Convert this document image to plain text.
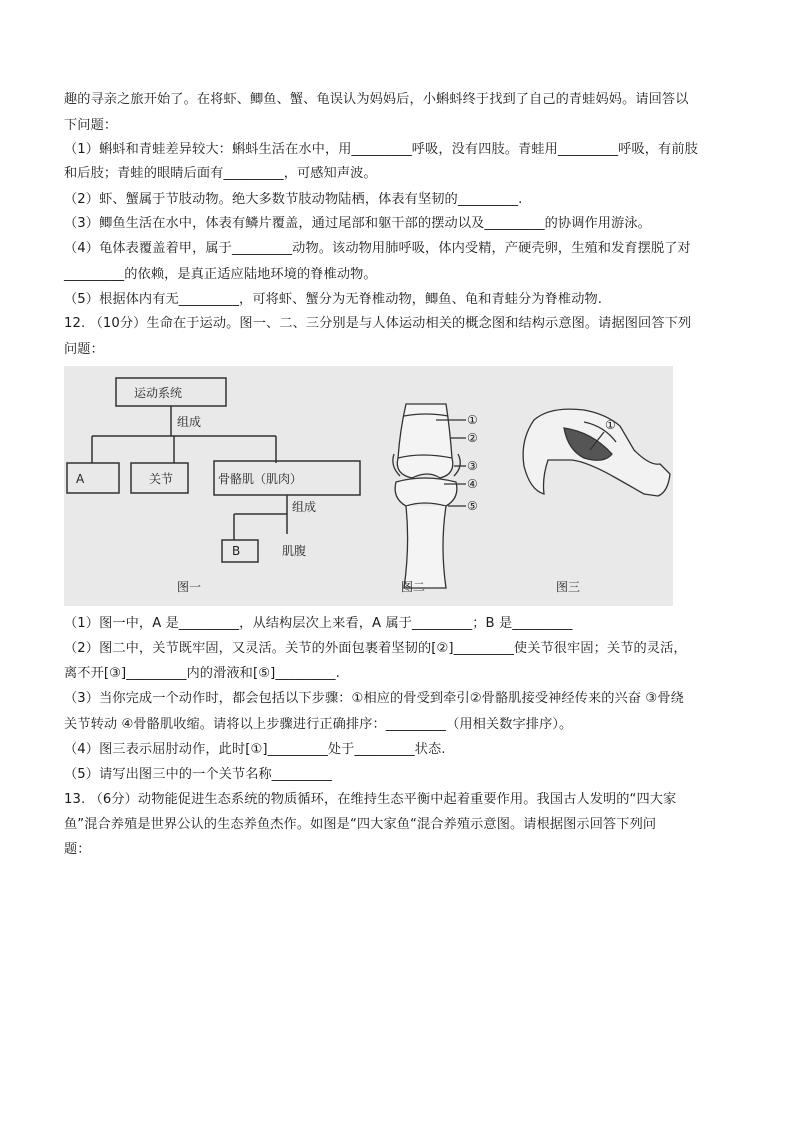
趣的寻亲之旅开始了。在将虾、鲫鱼、蟹、龟误认为妈妈后，小蝌蚪终于找到了自己的青蛙妈妈。请回答以
下问题：
（1）蝌蚪和青蛙差异较大：蝌蚪生活在水中，用_________呼吸，没有四肢。青蛙用_________呼吸，有前肢
和后肢；青蛙的眼睛后面有_________，可感知声波。
（2）虾、蟹属于节肢动物。绝大多数节肢动物陆栖，体表有坚韧的_________.
（3）鲫鱼生活在水中，体表有鳞片覆盖，通过尾部和躯干部的摆动以及_________的协调作用游泳。
（4）龟体表覆盖着甲，属于_________动物。该动物用肺呼吸，体内受精，产硬壳卵，生殖和发育摆脱了对
_________的依赖，是真正适应陆地环境的脊椎动物。
（5）根据体内有无_________，可将虾、蟹分为无脊椎动物，鲫鱼、龟和青蛙分为脊椎动物.
12. （10分）生命在于运动。图一、二、三分别是与人体运动相关的概念图和结构示意图。请据图回答下列
问题：
运动系统
组成
A	关节	骨骼肌（肌肉）
组成
B	肌腹
图一
①
②
③
④
⑤
图二
①
图三
（1）图一中，A 是_________，从结构层次上来看，A 属于_________；B 是_________
（2）图二中，关节既牢固，又灵活。关节的外面包裹着坚韧的[②]_________使关节很牢固；关节的灵活，
离不开[③]_________内的滑液和[⑤]_________.
（3）当你完成一个动作时，都会包括以下步骤：①相应的骨受到牵引②骨骼肌接受神经传来的兴奋 ③骨绕
关节转动 ④骨骼肌收缩。请将以上步骤进行正确排序：_________（用相关数字排序）。
（4）图三表示屈肘动作，此时[①]_________处于_________状态.
（5）请写出图三中的一个关节名称_________
13. （6分）动物能促进生态系统的物质循环，在维持生态平衡中起着重要作用。我国古人发明的“四大家
鱼”混合养殖是世界公认的生态养鱼杰作。如图是“四大家鱼“混合养殖示意图。请根据图示回答下列问
题：
